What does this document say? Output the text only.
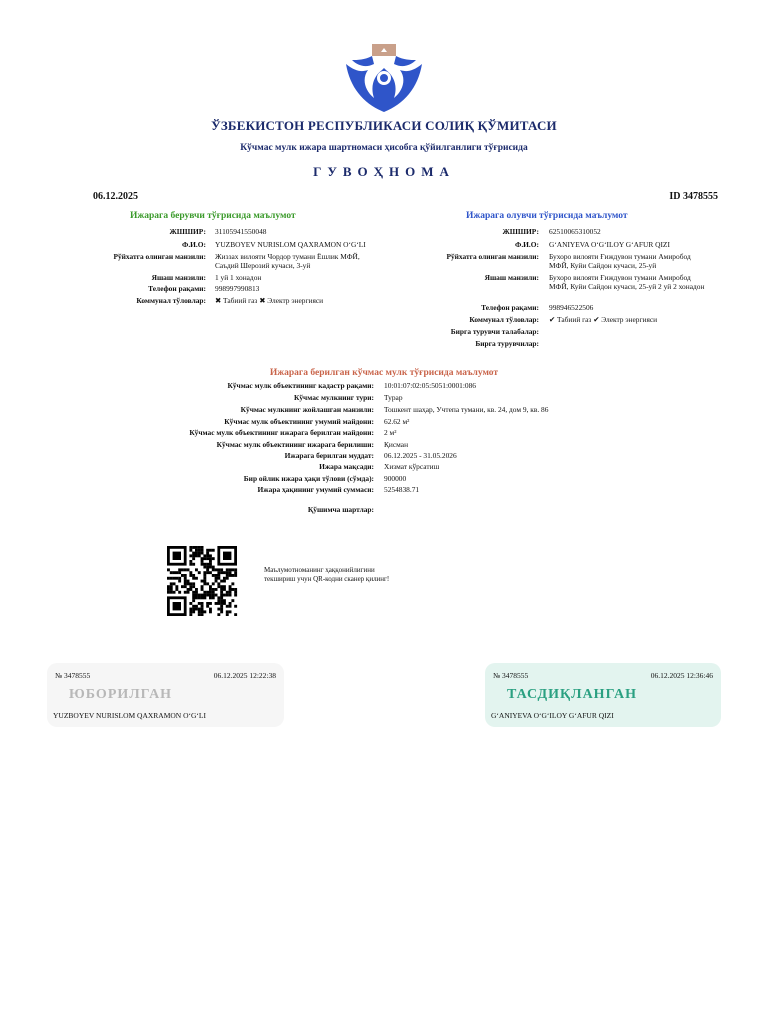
ЎЗБЕКИСТОН РЕСПУБЛИКАСИ СОЛИҚ ҚЎМИТАСИ
Кўчмас мулк ижара шартномаси ҳисобга қўйилганлиги тўғрисида
ГУВОҲНОМА
06.12.2025	ID 3478555
Ижарага берувчи тўғрисида маълумот
ЖШШИР: 31105941550048
Ф.И.О: YUZBOYEV NURISLOM QAXRAMON O‘G‘LI
Рўйхатга олинган манзили: Жиззах вилояти Чордор тумани Ёшлик МФЙ, Саъдий Шерозий кучаси, 3-уй
Яшаш манзили: 1 уй 1 хонадон
Телефон рақами: 998997990813
Коммунал тўловлар: ✖ Табиий газ ✖ Электр энергияси
Ижарага олувчи тўғрисида маълумот
ЖШШИР: 62510065310052
Ф.И.О: G‘ANIYEVA O‘G‘ILOY G‘AFUR QIZI
Рўйхатга олинган манзили: Бухоро вилояти Ғиждувон тумани Амиробод МФЙ, Куйи Сайдон кучаси, 25-уй
Яшаш манзили: Бухоро вилояти Ғиждувон тумани Амиробод МФЙ, Куйи Сайдон кучаси, 25-уй 2 уй 2 хонадон
Телефон рақами: 998946522506
Коммунал тўловлар: ✔ Табиий газ ✔ Электр энергияси
Бирга турувчи талабалар:
Бирга турувчилар:
Ижарага берилган кўчмас мулк тўғрисида маълумот
Кўчмас мулк объектининг кадастр рақами: 10:01:07:02:05:5051:0001:086
Кўчмас мулкнинг тури: Турар
Кўчмас мулкнинг жойлашган манзили: Тошкент шаҳар, Учтепа тумани, кв. 24, дом 9, кв. 86
Кўчмас мулк объектининг умумий майдони: 62.62 м²
Кўчмас мулк объектининг ижарага берилган майдони: 2 м²
Кўчмас мулк объектининг ижарага берилиши: Қисман
Ижарага берилган муддат: 06.12.2025 - 31.05.2026
Ижара мақсади: Хизмат кўрсатиш
Бир ойлик ижара ҳақи тўлови (сўмда): 900000
Ижара ҳақининг умумий суммаси: 5254838.71
Қўшимча шартлар:
Маълумотномaнинг ҳаққонийлигини текшириш учун QR-кодни сканер қилинг!
№ 3478555	06.12.2025 12:22:38
ЮБОРИЛГАН
YUZBOYEV NURISLOM QAXRAMON O‘G‘LI
№ 3478555	06.12.2025 12:36:46
ТАСДИҚЛАНГАН
G‘ANIYEVA O‘G‘ILOY G‘AFUR QIZI
